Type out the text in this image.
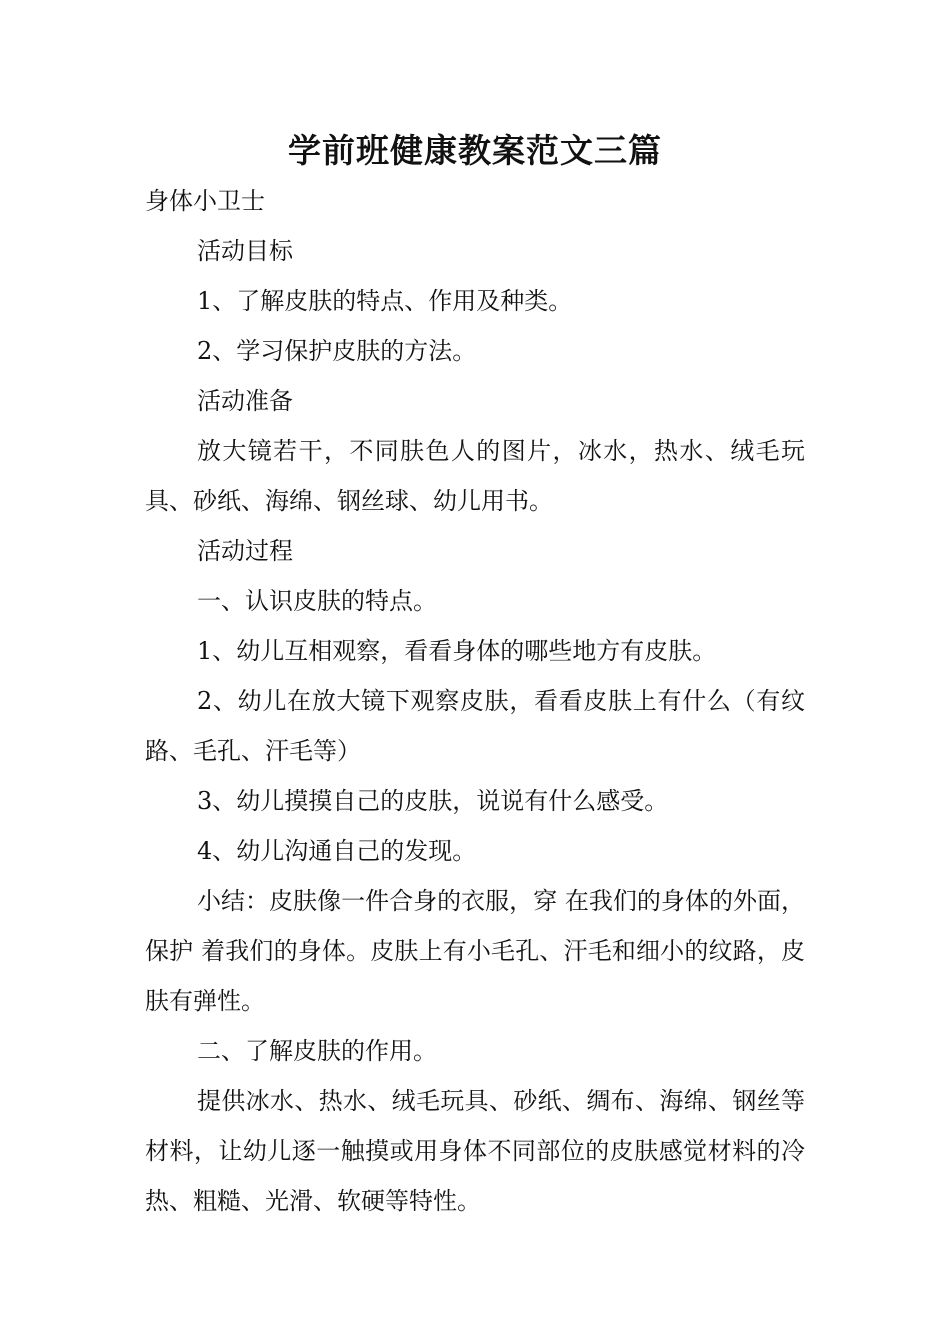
学前班健康教案范文三篇

身体小卫士

活动目标

1、了解皮肤的特点、作用及种类。

2、学习保护皮肤的方法。

活动准备

放大镜若干，不同肤色人的图片，冰水，热水、绒毛玩具、砂纸、海绵、钢丝球、幼儿用书。

活动过程

一、认识皮肤的特点。

1、幼儿互相观察，看看身体的哪些地方有皮肤。

2、幼儿在放大镜下观察皮肤，看看皮肤上有什么（有纹路、毛孔、汗毛等）

3、幼儿摸摸自己的皮肤，说说有什么感受。

4、幼儿沟通自己的发现。

小结：皮肤像一件合身的衣服，穿 在我们的身体的外面，保护 着我们的身体。皮肤上有小毛孔、汗毛和细小的纹路，皮肤有弹性。

二、了解皮肤的作用。

提供冰水、热水、绒毛玩具、砂纸、绸布、海绵、钢丝等材料，让幼儿逐一触摸或用身体不同部位的皮肤感觉材料的冷热、粗糙、光滑、软硬等特性。
